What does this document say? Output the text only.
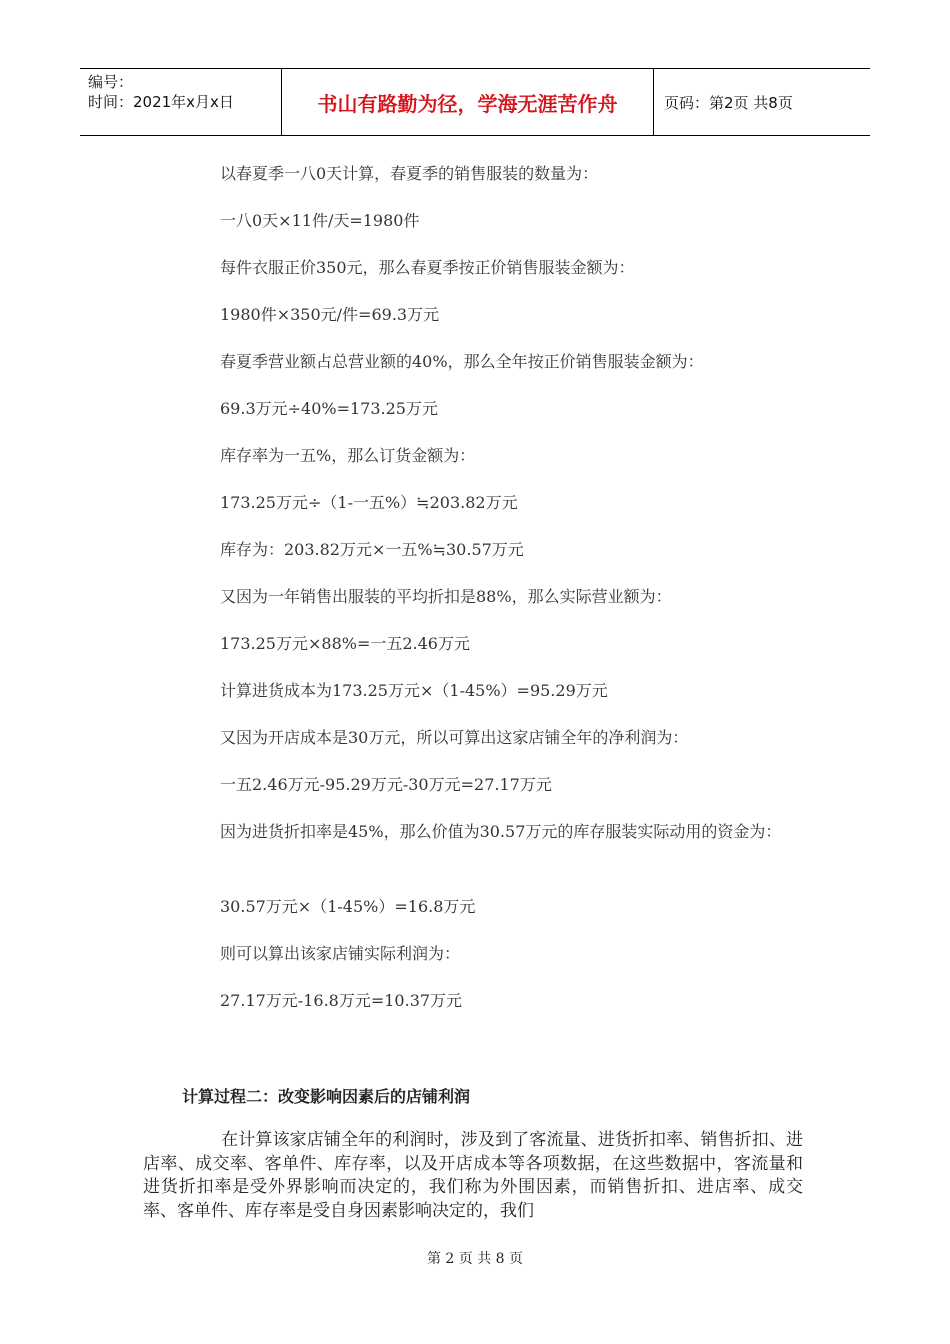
编号：
时间：2021年x月x日	书山有路勤为径，学海无涯苦作舟	页码：第2页 共8页
以春夏季一八0天计算，春夏季的销售服装的数量为：
一八0天×11件/天=1980件
每件衣服正价350元，那么春夏季按正价销售服装金额为：
1980件×350元/件=69.3万元
春夏季营业额占总营业额的40%，那么全年按正价销售服装金额为：
69.3万元÷40%=173.25万元
库存率为一五%，那么订货金额为：
173.25万元÷（1-一五%）≒203.82万元
库存为：203.82万元×一五%≒30.57万元
又因为一年销售出服装的平均折扣是88%，那么实际营业额为：
173.25万元×88%=一五2.46万元
计算进货成本为173.25万元×（1-45%）=95.29万元
又因为开店成本是30万元，所以可算出这家店铺全年的净利润为：
一五2.46万元-95.29万元-30万元=27.17万元
因为进货折扣率是45%，那么价值为30.57万元的库存服装实际动用的资金为：
30.57万元×（1-45%）=16.8万元
则可以算出该家店铺实际利润为：
27.17万元-16.8万元=10.37万元
计算过程二：改变影响因素后的店铺利润
在计算该家店铺全年的利润时，涉及到了客流量、进货折扣率、销售折扣、进店率、成交率、客单件、库存率，以及开店成本等各项数据，在这些数据中，客流量和进货折扣率是受外界影响而决定的，我们称为外围因素，而销售折扣、进店率、成交率、客单件、库存率是受自身因素影响决定的，我们
第 2 页 共 8 页
